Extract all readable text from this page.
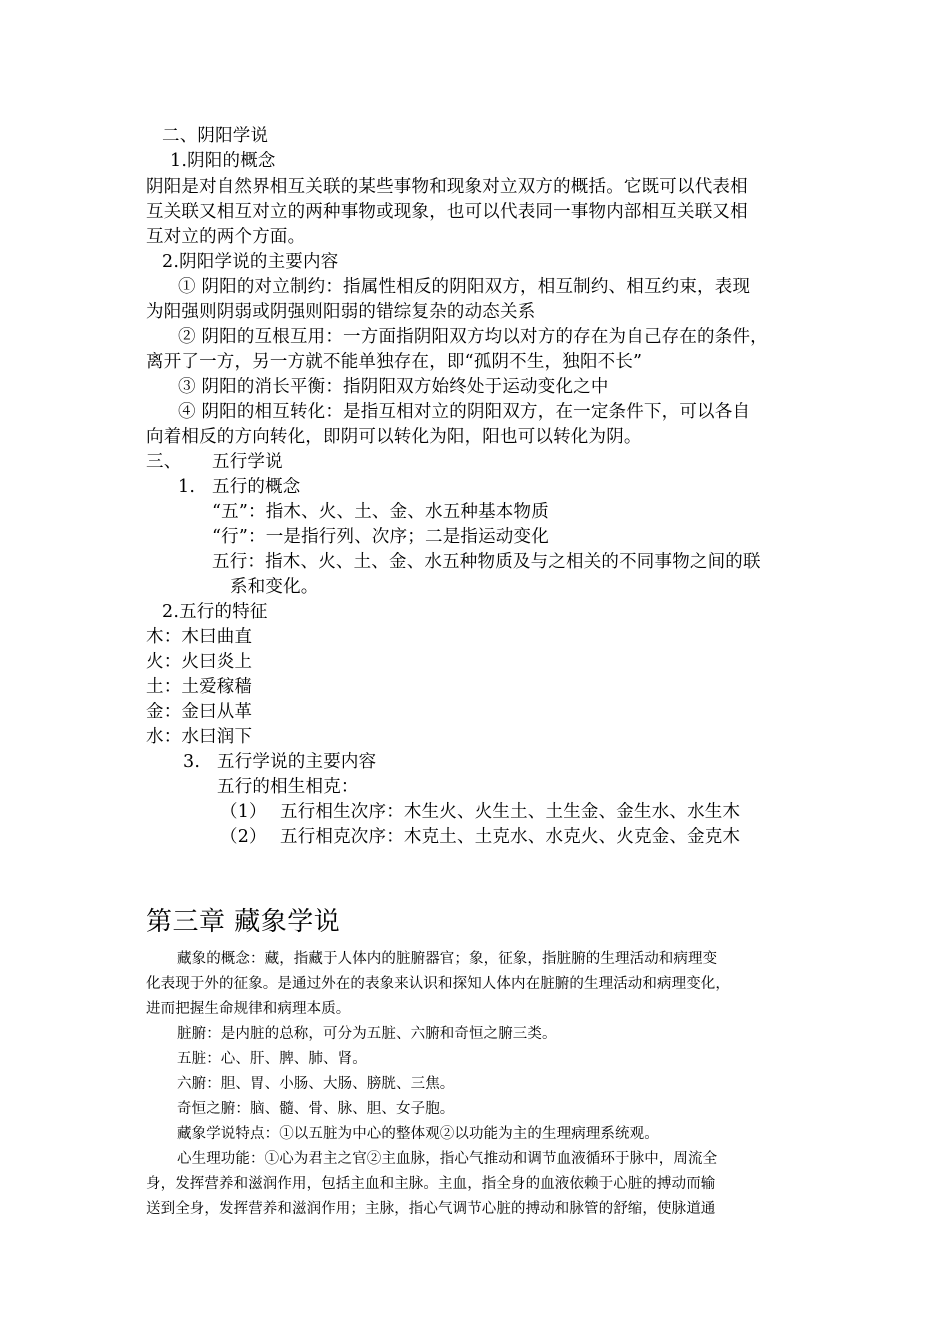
二、阴阳学说
1.阴阳的概念
阴阳是对自然界相互关联的某些事物和现象对立双方的概括。它既可以代表相
互关联又相互对立的两种事物或现象，也可以代表同一事物内部相互关联又相
互对立的两个方面。
2.阴阳学说的主要内容
① 阴阳的对立制约：指属性相反的阴阳双方，相互制约、相互约束，表现
为阳强则阴弱或阴强则阳弱的错综复杂的动态关系
② 阴阳的互根互用：一方面指阴阳双方均以对方的存在为自己存在的条件，
离开了一方，另一方就不能单独存在，即“孤阴不生，独阳不长”
③ 阴阳的消长平衡：指阴阳双方始终处于运动变化之中
④ 阴阳的相互转化：是指互相对立的阴阳双方，在一定条件下，可以各自
向着相反的方向转化，即阴可以转化为阳，阳也可以转化为阴。
三、 五行学说
1. 五行的概念
“五”：指木、火、土、金、水五种基本物质
“行”：一是指行列、次序；二是指运动变化
五行：指木、火、土、金、水五种物质及与之相关的不同事物之间的联
系和变化。
2.五行的特征
木：木曰曲直
火：火曰炎上
土：土爱稼穑
金：金曰从革
水：水曰润下
3. 五行学说的主要内容
五行的相生相克：
（1） 五行相生次序：木生火、火生土、土生金、金生水、水生木
（2） 五行相克次序：木克土、土克水、水克火、火克金、金克木
第三章 藏象学说
藏象的概念：藏，指藏于人体内的脏腑器官；象，征象，指脏腑的生理活动和病理变
化表现于外的征象。是通过外在的表象来认识和探知人体内在脏腑的生理活动和病理变化，
进而把握生命规律和病理本质。
脏腑：是内脏的总称，可分为五脏、六腑和奇恒之腑三类。
五脏：心、肝、脾、肺、肾。
六腑：胆、胃、小肠、大肠、膀胱、三焦。
奇恒之腑：脑、髓、骨、脉、胆、女子胞。
藏象学说特点：①以五脏为中心的整体观②以功能为主的生理病理系统观。
心生理功能：①心为君主之官②主血脉，指心气推动和调节血液循环于脉中，周流全
身，发挥营养和滋润作用，包括主血和主脉。主血，指全身的血液依赖于心脏的搏动而输
送到全身，发挥营养和滋润作用；主脉，指心气调节心脏的搏动和脉管的舒缩，使脉道通
